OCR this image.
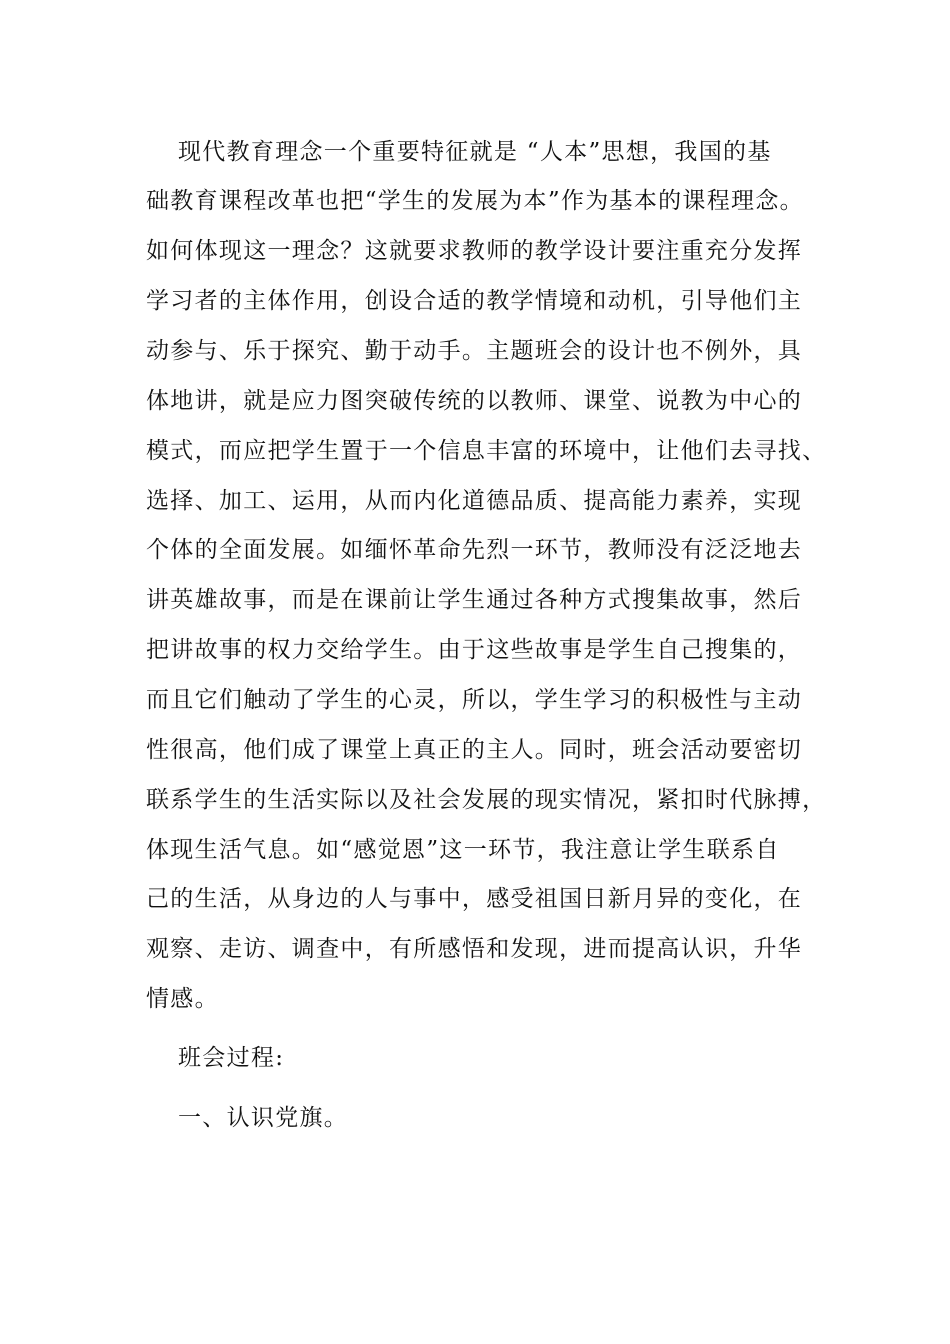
现代教育理念一个重要特征就是 “人本”思想，我国的基
础教育课程改革也把“学生的发展为本”作为基本的课程理念。
如何体现这一理念？这就要求教师的教学设计要注重充分发挥
学习者的主体作用，创设合适的教学情境和动机，引导他们主
动参与、乐于探究、勤于动手。主题班会的设计也不例外，具
体地讲，就是应力图突破传统的以教师、课堂、说教为中心的
模式，而应把学生置于一个信息丰富的环境中，让他们去寻找、
选择、加工、运用，从而内化道德品质、提高能力素养，实现
个体的全面发展。如缅怀革命先烈一环节，教师没有泛泛地去
讲英雄故事，而是在课前让学生通过各种方式搜集故事，然后
把讲故事的权力交给学生。由于这些故事是学生自己搜集的，
而且它们触动了学生的心灵，所以，学生学习的积极性与主动
性很高，他们成了课堂上真正的主人。同时，班会活动要密切
联系学生的生活实际以及社会发展的现实情况，紧扣时代脉搏，
体现生活气息。如“感觉恩”这一环节，我注意让学生联系自
己的生活，从身边的人与事中，感受祖国日新月异的变化，在
观察、走访、调查中，有所感悟和发现，进而提高认识，升华
情感。
班会过程:
一、认识党旗。
